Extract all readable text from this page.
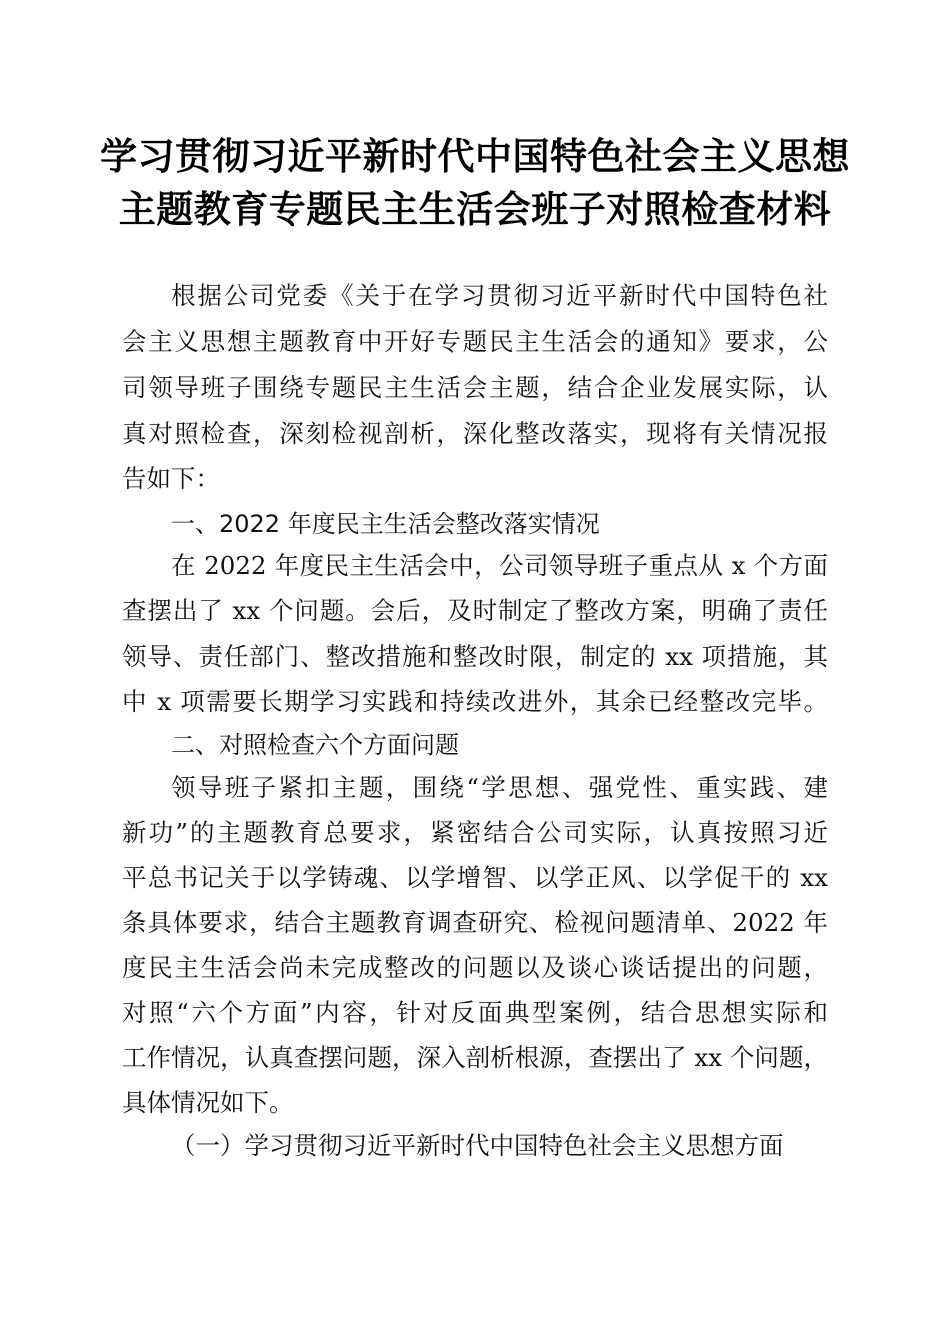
学习贯彻习近平新时代中国特色社会主义思想
主题教育专题民主生活会班子对照检查材料
根据公司党委《关于在学习贯彻习近平新时代中国特色社
会主义思想主题教育中开好专题民主生活会的通知》要求，公
司领导班子围绕专题民主生活会主题，结合企业发展实际，认
真对照检查，深刻检视剖析，深化整改落实，现将有关情况报
告如下：
一、2022 年度民主生活会整改落实情况
在 2022 年度民主生活会中，公司领导班子重点从 x 个方面
查摆出了 xx 个问题。会后，及时制定了整改方案，明确了责任
领导、责任部门、整改措施和整改时限，制定的 xx 项措施，其
中 x 项需要长期学习实践和持续改进外，其余已经整改完毕。
二、对照检查六个方面问题
领导班子紧扣主题，围绕“学思想、强党性、重实践、建
新功”的主题教育总要求，紧密结合公司实际，认真按照习近
平总书记关于以学铸魂、以学增智、以学正风、以学促干的 xx
条具体要求，结合主题教育调查研究、检视问题清单、2022 年
度民主生活会尚未完成整改的问题以及谈心谈话提出的问题，
对照“六个方面”内容，针对反面典型案例，结合思想实际和
工作情况，认真查摆问题，深入剖析根源，查摆出了 xx 个问题，
具体情况如下。
（一）学习贯彻习近平新时代中国特色社会主义思想方面
